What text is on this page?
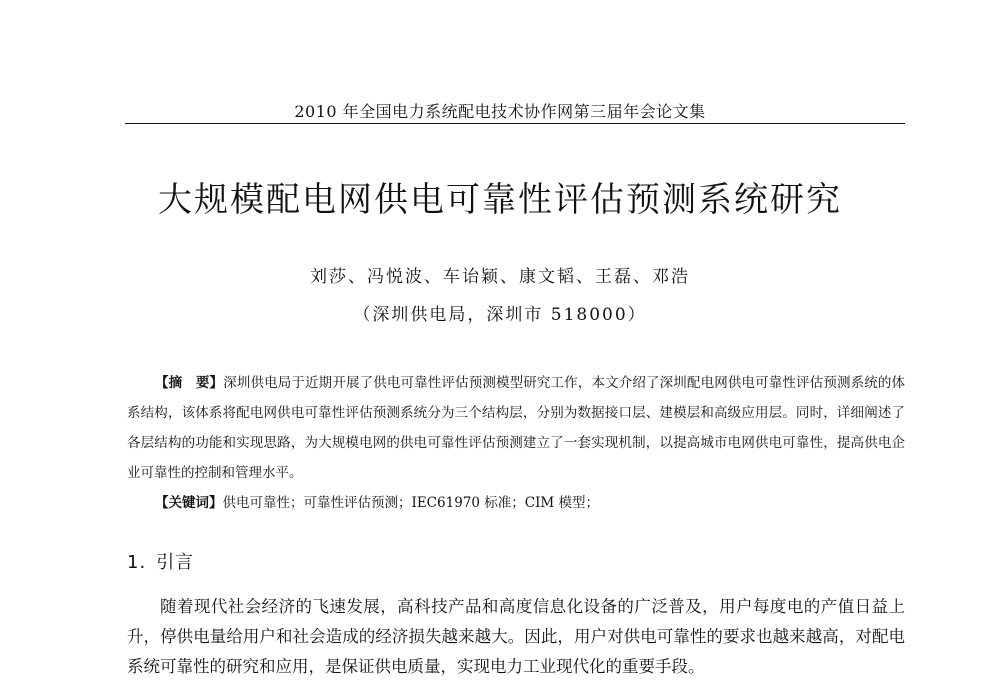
2010 年全国电力系统配电技术协作网第三届年会论文集
大规模配电网供电可靠性评估预测系统研究
刘莎、冯悦波、车诒颖、康文韬、王磊、邓浩
（深圳供电局，深圳市 518000）
【摘　要】深圳供电局于近期开展了供电可靠性评估预测模型研究工作，本文介绍了深圳配电网供电可靠性评估预测系统的体系结构，该体系将配电网供电可靠性评估预测系统分为三个结构层，分别为数据接口层、建模层和高级应用层。同时，详细阐述了各层结构的功能和实现思路，为大规模电网的供电可靠性评估预测建立了一套实现机制，以提高城市电网供电可靠性，提高供电企业可靠性的控制和管理水平。
【关键词】供电可靠性；可靠性评估预测；IEC61970 标准；CIM 模型；
1. 引言
随着现代社会经济的飞速发展，高科技产品和高度信息化设备的广泛普及，用户每度电的产值日益上升，停供电量给用户和社会造成的经济损失越来越大。因此，用户对供电可靠性的要求也越来越高，对配电系统可靠性的研究和应用，是保证供电质量，实现电力工业现代化的重要手段。
